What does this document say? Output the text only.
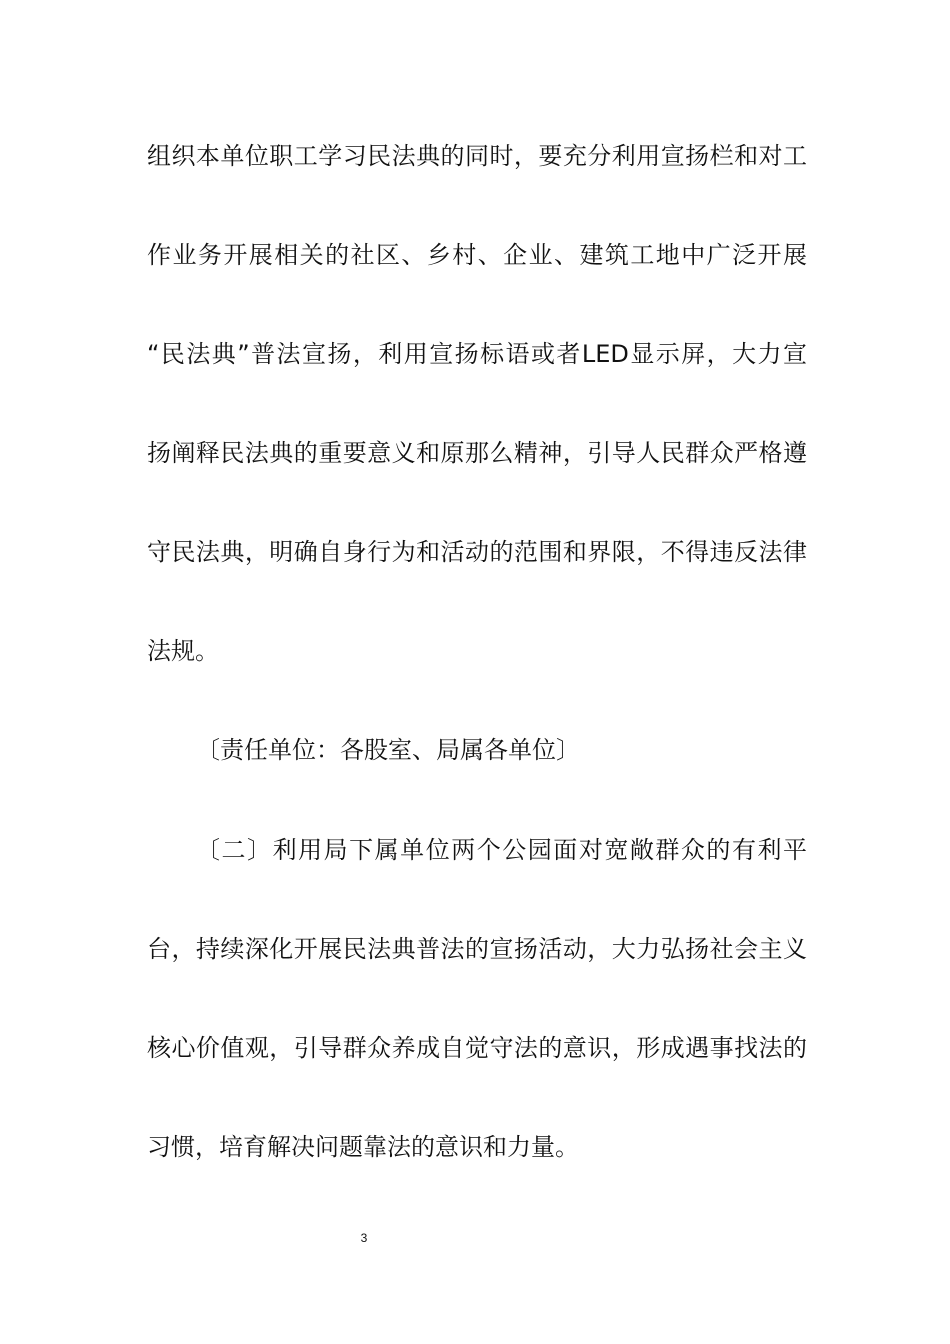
组织本单位职工学习民法典的同时，要充分利用宣扬栏和对工
作业务开展相关的社区、乡村、企业、建筑工地中广泛开展
“民法典”普法宣扬，利用宣扬标语或者LED显示屏，大力宣
扬阐释民法典的重要意义和原那么精神，引导人民群众严格遵
守民法典，明确自身行为和活动的范围和界限，不得违反法律
法规。
〔责任单位：各股室、局属各单位〕
〔二〕利用局下属单位两个公园面对宽敞群众的有利平
台，持续深化开展民法典普法的宣扬活动，大力弘扬社会主义
核心价值观，引导群众养成自觉守法的意识，形成遇事找法的
习惯，培育解决问题靠法的意识和力量。
3
